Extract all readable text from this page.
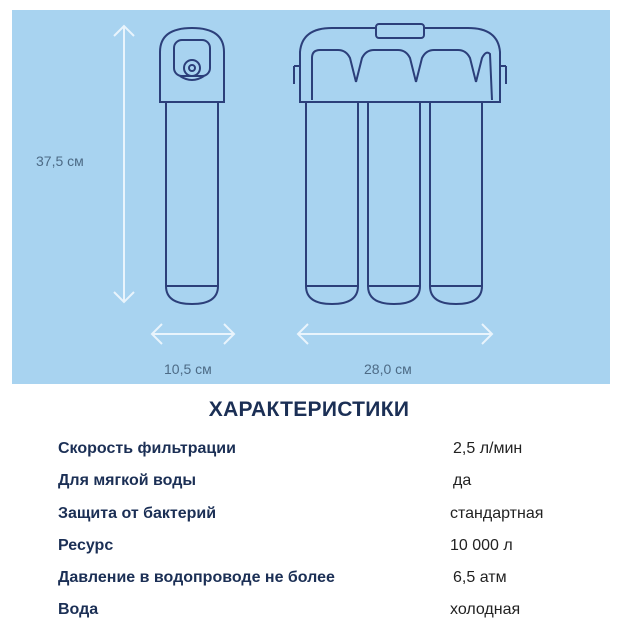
37,5 см
10,5 см	28,0 см
ХАРАКТЕРИСТИКИ
Скорость фильтрации	2,5 л/мин
Для мягкой воды	да
Защита от бактерий	стандартная
Ресурс	10 000 л
Давление в водопроводе не более	6,5 атм
Вода	холодная
